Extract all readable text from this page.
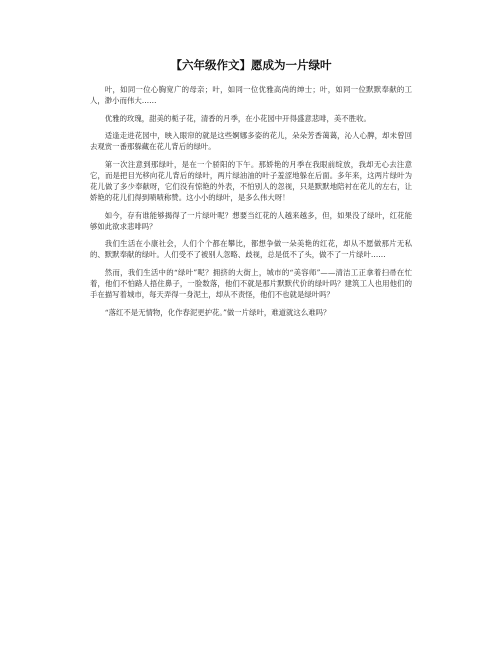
【六年级作文】愿成为一片绿叶

叶，如同一位心胸宽广的母亲；叶，如同一位优雅高尚的绅士；叶，如同一位默默奉献的工人，渺小而伟大……

优雅的玫瑰，甜美的栀子花，清香的月季，在小花园中开得盛意悲啡，美不胜收。

适逢走进花园中，映入眼帘的就是这些婀娜多姿的花儿，朵朵芳香蔼蔼，沁人心脾，却未曾回去观赏一番那躲藏在花儿背后的绿叶。

第一次注意到那绿叶，是在一个骄阳的下午。那娇艳的月季在我眼前绽放，我却无心去注意它，而是把目光移向花儿背后的绿叶，两片绿油油的叶子羞涩地躲在后面。多年来，这两片绿叶为花儿做了多少奉献呀，它们没有惊艳的外表，不怕别人的忽视，只是默默地陪衬在花儿的左右，让娇艳的花儿们得到啧啧称赞。这小小的绿叶，是多么伟大呀！

如今，存有谁能够揭得了一片绿叶呢？想要当红花的人越来越多，但，如果没了绿叶，红花能够如此欲求悲啡吗？

我们生活在小康社会，人们个个都在攀比，都想争做一朵美艳的红花，却从不愿做那片无私的、默默奉献的绿叶。人们受不了被别人忽略、歧视，总是低不了头，做不了一片绿叶……

然而，我们生活中的“绿叶”呢？拥挤的大街上，城市的“美容师”——清洁工正拿着扫帚在忙着，他们不怕路人捂住鼻子，一脸数落，他们不就是那片默默代价的绿叶吗？建筑工人也用他们的手在描写着城市，每天弄得一身泥土，却从不责怪，他们不也就是绿叶吗？

“落红不是无情物，化作春泥更护花。”做一片绿叶，难道就这么难吗？
